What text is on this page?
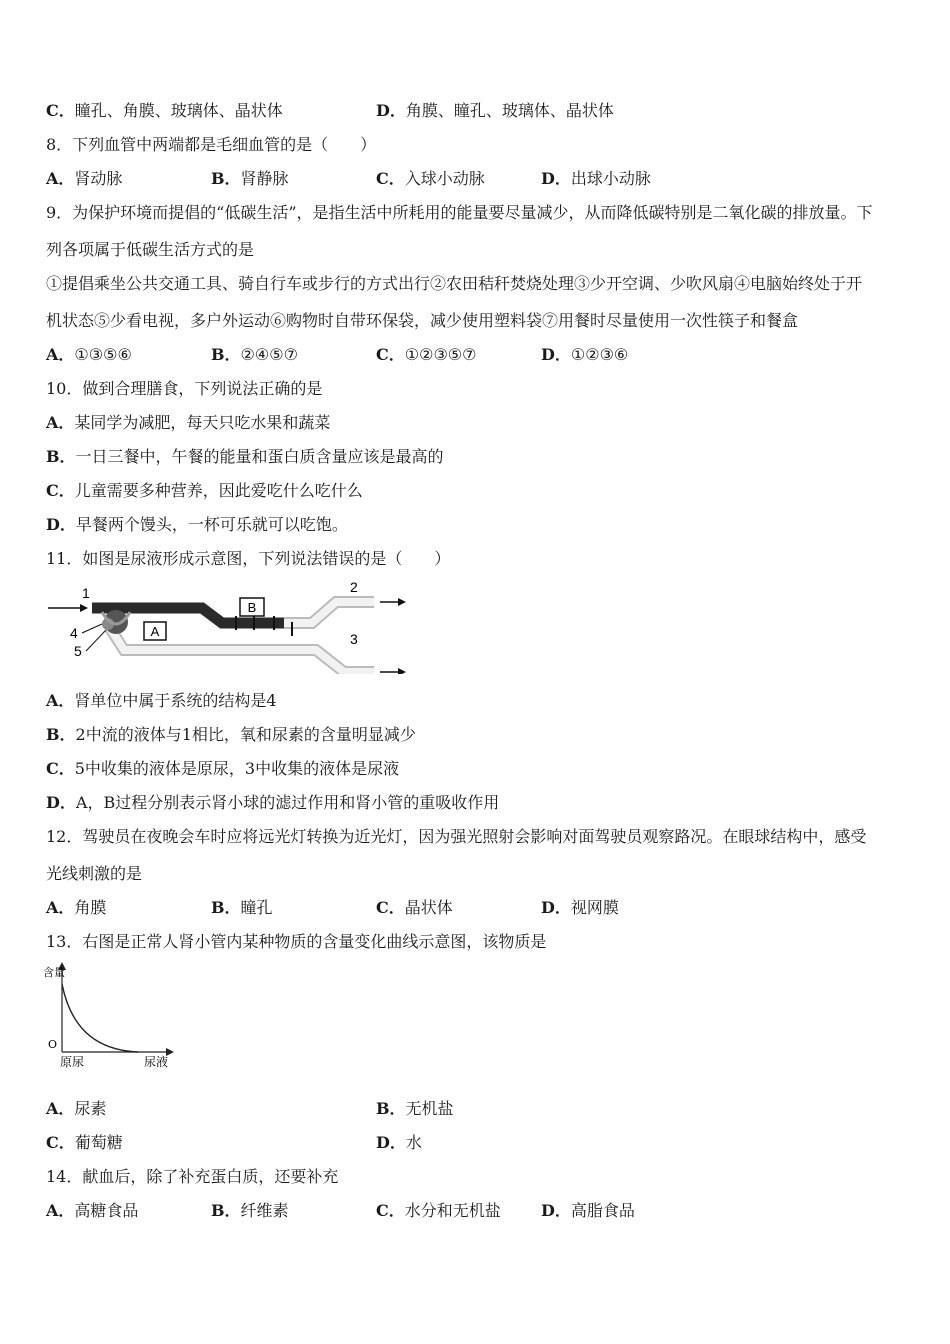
C．瞳孔、角膜、玻璃体、晶状体	D．角膜、瞳孔、玻璃体、晶状体
8．下列血管中两端都是毛细血管的是（　　）
A．肾动脉	B．肾静脉	C．入球小动脉	D．出球小动脉
9．为保护环境而提倡的“低碳生活”，是指生活中所耗用的能量要尽量减少，从而降低碳特别是二氧化碳的排放量。下
列各项属于低碳生活方式的是
①提倡乘坐公共交通工具、骑自行车或步行的方式出行②农田秸秆焚烧处理③少开空调、少吹风扇④电脑始终处于开
机状态⑤少看电视，多户外运动⑥购物时自带环保袋，减少使用塑料袋⑦用餐时尽量使用一次性筷子和餐盒
A．①③⑤⑥	B．②④⑤⑦	C．①②③⑤⑦	D．①②③⑥
10．做到合理膳食，下列说法正确的是
A．某同学为减肥，每天只吃水果和蔬菜
B．一日三餐中，午餐的能量和蛋白质含量应该是最高的
C．儿童需要多种营养，因此爱吃什么吃什么
D．早餐两个馒头，一杯可乐就可以吃饱。
11．如图是尿液形成示意图，下列说法错误的是（　　）
A
B
1	2
3
4
5
A．肾单位中属于系统的结构是4
B．2中流的液体与1相比，氧和尿素的含量明显减少
C．5中收集的液体是原尿，3中收集的液体是尿液
D．A，B过程分别表示肾小球的滤过作用和肾小管的重吸收作用
12．驾驶员在夜晚会车时应将远光灯转换为近光灯，因为强光照射会影响对面驾驶员观察路况。在眼球结构中，感受
光线刺激的是
A．角膜	B．瞳孔	C．晶状体	D．视网膜
13．右图是正常人肾小管内某种物质的含量变化曲线示意图，该物质是
含量
O
原尿	尿液
A．尿素	B．无机盐
C．葡萄糖	D．水
14．献血后，除了补充蛋白质，还要补充
A．高糖食品	B．纤维素	C．水分和无机盐	D．高脂食品
